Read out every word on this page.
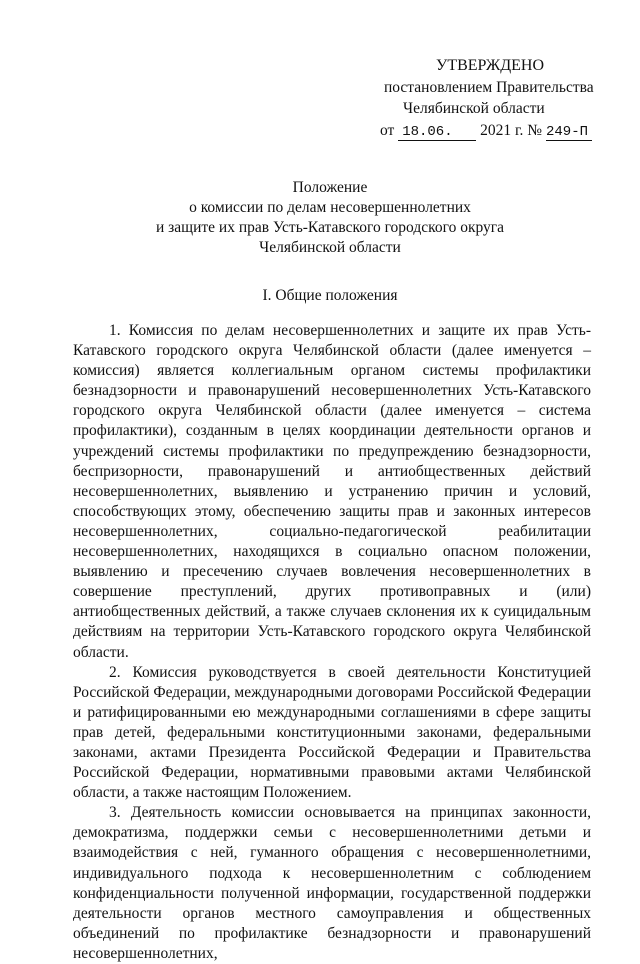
УТВЕРЖДЕНО
постановлением Правительства
Челябинской области
от 18.06. 2021 г. № 249-П
Положение
о комиссии по делам несовершеннолетних
и защите их прав Усть-Катавского городского округа
Челябинской области
I. Общие положения

1. Комиссия по делам несовершеннолетних и защите их прав Усть-Катавского городского округа Челябинской области (далее именуется – комиссия) является коллегиальным органом системы профилактики безнадзорности и правонарушений несовершеннолетних Усть-Катавского городского округа Челябинской области (далее именуется – система профилактики), созданным в целях координации деятельности органов и учреждений системы профилактики по предупреждению безнадзорности, беспризорности, правонарушений и антиобщественных действий несовершеннолетних, выявлению и устранению причин и условий, способствующих этому, обеспечению защиты прав и законных интересов несовершеннолетних, социально-педагогической реабилитации несовершеннолетних, находящихся в социально опасном положении, выявлению и пресечению случаев вовлечения несовершеннолетних в совершение преступлений, других противоправных и (или) антиобщественных действий, а также случаев склонения их к суицидальным действиям на территории Усть-Катавского городского округа Челябинской области.

2. Комиссия руководствуется в своей деятельности Конституцией Российской Федерации, международными договорами Российской Федерации и ратифицированными ею международными соглашениями в сфере защиты прав детей, федеральными конституционными законами, федеральными законами, актами Президента Российской Федерации и Правительства Российской Федерации, нормативными правовыми актами Челябинской области, а также настоящим Положением.

3. Деятельность комиссии основывается на принципах законности, демократизма, поддержки семьи с несовершеннолетними детьми и взаимодействия с ней, гуманного обращения с несовершеннолетними, индивидуального подхода к несовершеннолетним с соблюдением конфиденциальности полученной информации, государственной поддержки деятельности органов местного самоуправления и общественных объединений по профилактике безнадзорности и правонарушений несовершеннолетних,
